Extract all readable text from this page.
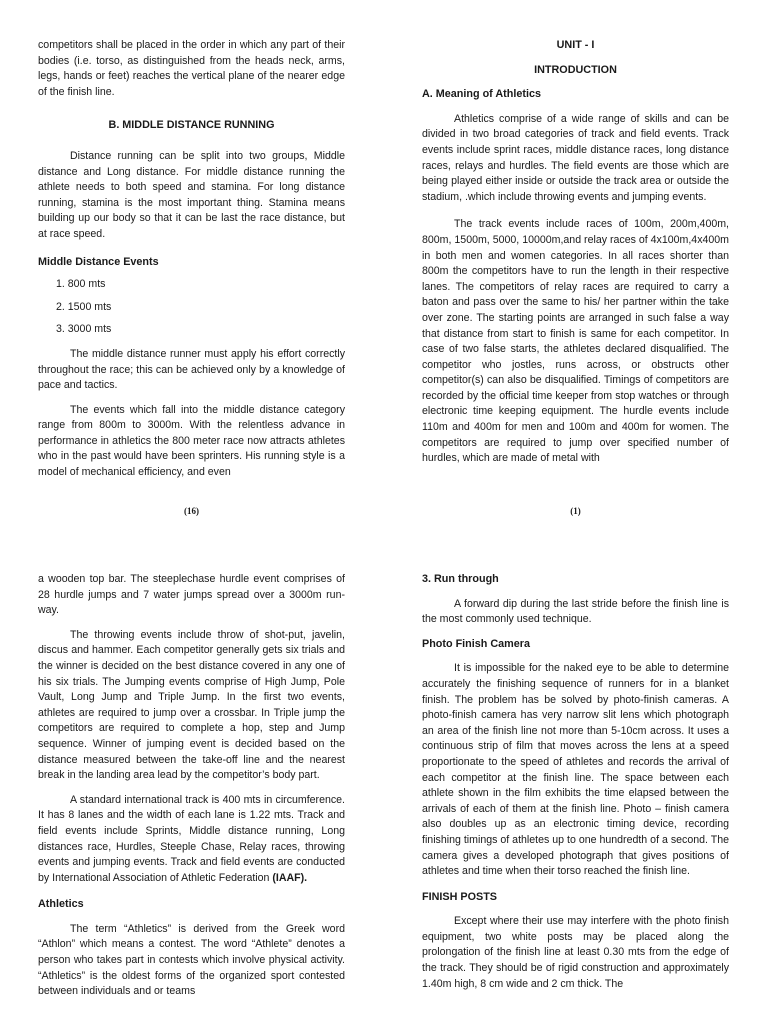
competitors shall be placed in the order in which any part of their bodies (i.e. torso, as distinguished from the heads neck, arms, legs, hands or feet) reaches the vertical plane of the nearer edge of the finish line.

B. MIDDLE DISTANCE RUNNING

Distance running can be split into two groups, Middle distance and Long distance. For middle distance running the athlete needs to both speed and stamina. For long distance running, stamina is the most important thing. Stamina means building up our body so that it can be last the race distance, but at race speed.

Middle Distance Events

1. 800 mts
2. 1500 mts
3. 3000 mts

The middle distance runner must apply his effort correctly throughout the race; this can be achieved only by a knowledge of pace and tactics.

The events which fall into the middle distance category range from 800m to 3000m. With the relentless advance in performance in athletics the 800 meter race now attracts athletes who in the past would have been sprinters. His running style is a model of mechanical efficiency, and even

(16)

UNIT - I

INTRODUCTION

A. Meaning of Athletics

Athletics comprise of a wide range of skills and can be divided in two broad categories of track and field events. Track events include sprint races, middle distance races, long distance races, relays and hurdles. The field events are those which are being played either inside or outside the track area or outside the stadium, .which include throwing events and jumping events.

The track events include races of 100m, 200m,400m, 800m, 1500m, 5000, 10000m,and relay races of 4x100m,4x400m in both men and women categories. In all races shorter than 800m the competitors have to run the length in their respective lanes. The competitors of relay races are required to carry a baton and pass over the same to his/ her partner within the take over zone. The starting points are arranged in such false a way that distance from start to finish is same for each competitor. In case of two false starts, the athletes declared disqualified. The competitor who jostles, runs across, or obstructs other competitor(s) can also be disqualified. Timings of competitors are recorded by the official time keeper from stop watches or through electronic time keeping equipment. The hurdle events include 110m and 400m for men and 100m and 400m for women. The competitors are required to jump over specified number of hurdles, which are made of metal with

(1)

a wooden top bar. The steeplechase hurdle event comprises of 28 hurdle jumps and 7 water jumps spread over a 3000m run-way.

The throwing events include throw of shot-put, javelin, discus and hammer. Each competitor generally gets six trials and the winner is decided on the best distance covered in any one of his six trials. The Jumping events comprise of High Jump, Pole Vault, Long Jump and Triple Jump. In the first two events, athletes are required to jump over a crossbar. In Triple jump the competitors are required to complete a hop, step and Jump sequence. Winner of jumping event is decided based on the distance measured between the take-off line and the nearest break in the landing area lead by the competitor’s body part.

A standard international track is 400 mts in circumference. It has 8 lanes and the width of each lane is 1.22 mts. Track and field events include Sprints, Middle distance running, Long distances race, Hurdles, Steeple Chase, Relay races, throwing events and jumping events. Track and field events are conducted by International Association of Athletic Federation (IAAF).

Athletics

The term “Athletics” is derived from the Greek word “Athlon” which means a contest. The word “Athlete” denotes a person who takes part in contests which involve physical activity. “Athletics” is the oldest forms of the organized sport contested between individuals and or teams

3. Run through

A forward dip during the last stride before the finish line is the most commonly used technique.

Photo Finish Camera

It is impossible for the naked eye to be able to determine accurately the finishing sequence of runners for in a blanket finish. The problem has be solved by photo-finish cameras. A photo-finish camera has very narrow slit lens which photograph an area of the finish line not more than 5-10cm across. It uses a continuous strip of film that moves across the lens at a speed proportionate to the speed of athletes and records the arrival of each competitor at the finish line. The space between each athlete shown in the film exhibits the time elapsed between the arrivals of each of them at the finish line. Photo – finish camera also doubles up as an electronic timing device, recording finishing timings of athletes up to one hundredth of a second. The camera gives a developed photograph that gives positions of athletes and time when their torso reached the finish line.

FINISH POSTS

Except where their use may interfere with the photo finish equipment, two white posts may be placed along the prolongation of the finish line at least 0.30 mts from the edge of the track. They should be of rigid construction and approximately 1.40m high, 8 cm wide and 2 cm thick. The
